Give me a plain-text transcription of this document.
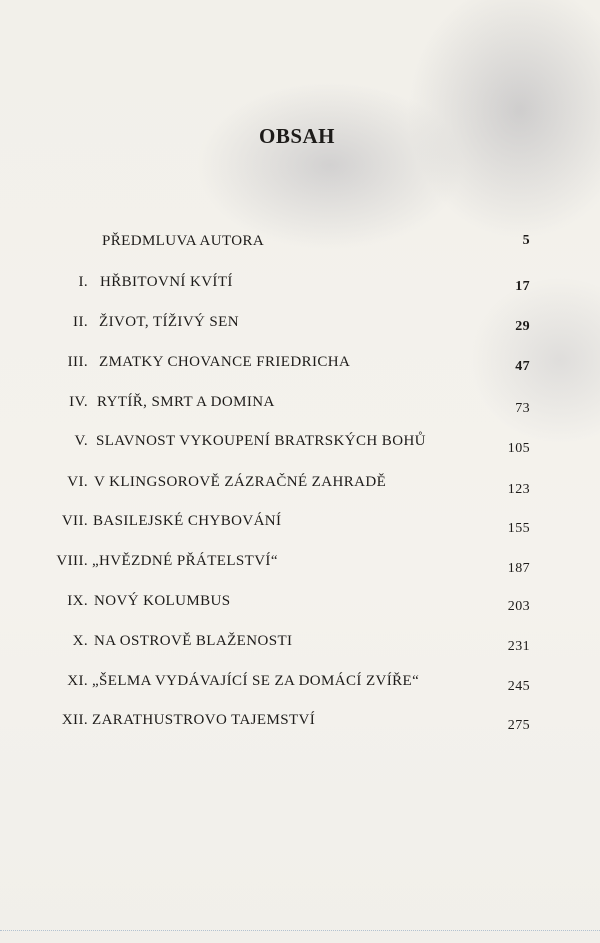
OBSAH
PŘEDMLUVA AUTORA	5
I. HŘBITOVNÍ KVÍTÍ	17
II. ŽIVOT, TÍŽIVÝ SEN	29
III. ZMATKY CHOVANCE FRIEDRICHA	47
IV. RYTÍŘ, SMRT A DOMINA	73
V. SLAVNOST VYKOUPENÍ BRATRSKÝCH BOHŮ	105
VI. V KLINGSOROVĚ ZÁZRAČNÉ ZAHRADĚ	123
VII. BASILEJSKÉ CHYBOVÁNÍ	155
VIII. „HVĚZDNÉ PŘÁTELSTVÍ“	187
IX. NOVÝ KOLUMBUS	203
X. NA OSTROVĚ BLAŽENOSTI	231
XI. „ŠELMA VYDÁVAJÍCÍ SE ZA DOMÁCÍ ZVÍŘE“	245
XII. ZARATHUSTROVO TAJEMSTVÍ	275
